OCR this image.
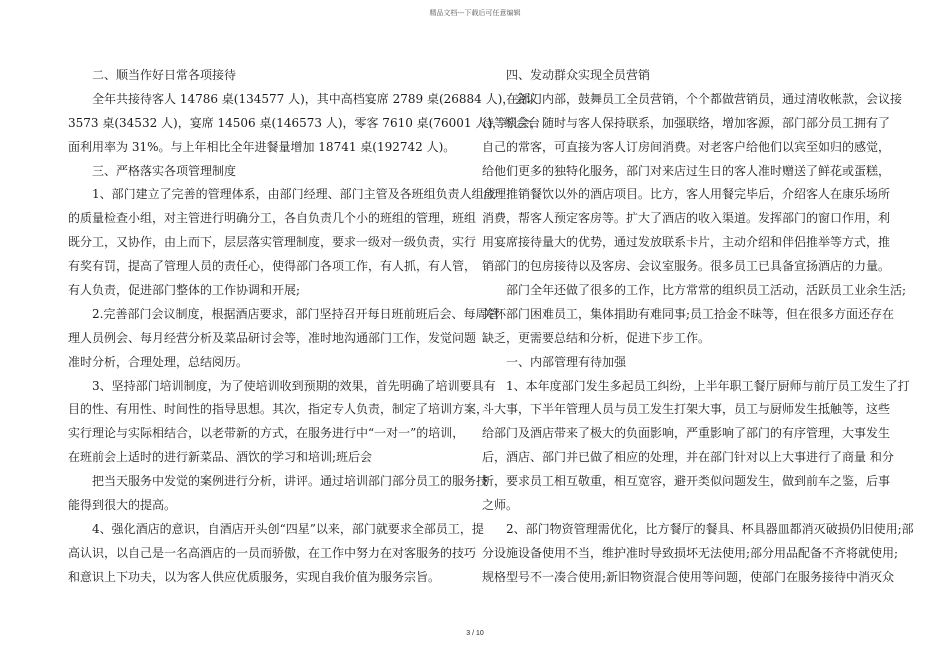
精品文档---下载后可任意编辑
二、顺当作好日常各项接待
全年共接待客人 14786 桌(134577 人)，其中高档宴席 2789 桌(26884 人)，会议
3573 桌(34532 人)，宴席 14506 桌(146573 人)，零客 7610 桌(76001 人)，综合台
面利用率为 31%。与上年相比全年进餐量增加 18741 桌(192742 人)。
三、严格落实各项管理制度
1、部门建立了完善的管理体系，由部门经理、部门主管及各班组负责人组成
的质量检查小组，对主管进行明确分工，各自负责几个小的班组的管理，班组
既分工，又协作，由上而下，层层落实管理制度，要求一级对一级负责，实行
有奖有罚，提高了管理人员的责任心，使得部门各项工作，有人抓，有人管，
有人负责，促进部门整体的工作协调和开展;
2.完善部门会议制度，根据酒店要求，部门坚持召开每日班前班后会、每周管
理人员例会、每月经营分析及菜品研讨会等，准时地沟通部门工作，发觉问题
准时分析，合理处理，总结阅历。
3、坚持部门培训制度，为了使培训收到预期的效果，首先明确了培训要具有
目的性、有用性、时间性的指导思想。其次，指定专人负责，制定了培训方案，
实行理论与实际相结合，以老带新的方式，在服务进行中“一对一”的培训，
在班前会上适时的进行新菜品、酒饮的学习和培训;班后会
把当天服务中发觉的案例进行分析，讲评。通过培训部门部分员工的服务技
能得到很大的提高。
4、强化酒店的意识，自酒店开头创“四星”以来，部门就要求全部员工，提
高认识，以自己是一名高酒店的一员而骄傲，在工作中努力在对客服务的技巧
和意识上下功夫，以为客人供应优质服务，实现自我价值为服务宗旨。
四、发动群众实现全员营销
在部门内部，鼓舞员工全员营销，个个都做营销员，通过清收帐款，会议接
待等机会，随时与客人保持联系，加强联络，增加客源，部门部分员工拥有了
自己的常客，可直接为客人订房间消费。对老客户给他们以宾至如归的感觉，
给他们更多的独特化服务，部门对来店过生日的客人准时赠送了鲜花或蛋糕，
合理推销餐饮以外的酒店项目。比方，客人用餐完毕后，介绍客人在康乐场所
消费，帮客人预定客房等。扩大了酒店的收入渠道。发挥部门的窗口作用，利
用宴席接待量大的优势，通过发放联系卡片，主动介绍和伴侣推举等方式，推
销部门的包房接待以及客房、会议室服务。很多员工已具备宣扬酒店的力量。
部门全年还做了很多的工作，比方常常的组织员工活动，活跃员工业余生活;
关怀部门困难员工，集体捐助有难同事;员工拾金不昧等，但在很多方面还存在
缺乏，更需要总结和分析，促进下步工作。
一、内部管理有待加强
1、本年度部门发生多起员工纠纷，上半年职工餐厅厨师与前厅员工发生了打
斗大事，下半年管理人员与员工发生打架大事，员工与厨师发生抵触等，这些
给部门及酒店带来了极大的负面影响，严重影响了部门的有序管理，大事发生
后，酒店、部门并已做了相应的处理，并在部门针对以上大事进行了商量 和分
析，要求员工相互敬重，相互宽容，避开类似问题发生，做到前车之鉴，后事
之师。
2、部门物资管理需优化，比方餐厅的餐具、杯具器皿都消灭破损仍旧使用;部
分设施设备使用不当，维护准时导致损坏无法使用;部分用品配备不齐将就使用;
规格型号不一凑合使用;新旧物资混合使用等问题，使部门在服务接待中消灭众
3 / 10
